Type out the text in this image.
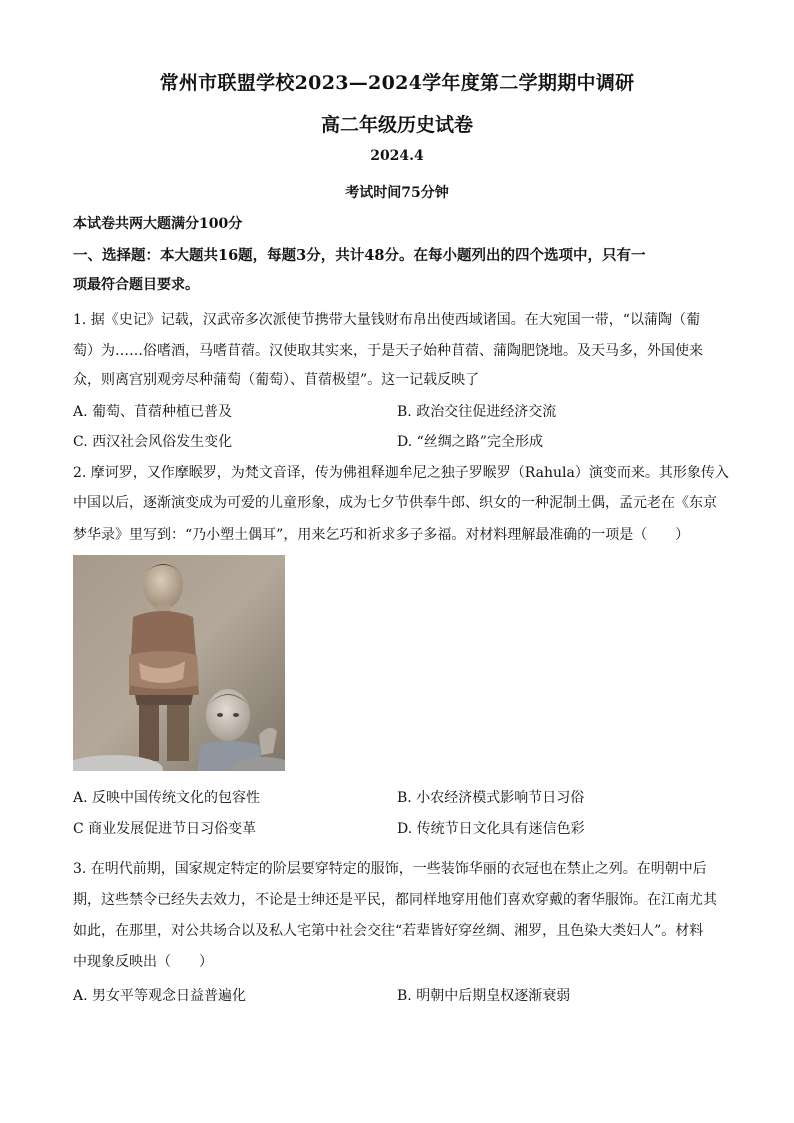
常州市联盟学校2023—2024学年度第二学期期中调研
高二年级历史试卷
2024.4
考试时间75分钟
本试卷共两大题满分100分
一、选择题：本大题共16题，每题3分，共计48分。在每小题列出的四个选项中，只有一
项最符合题目要求。
1. 据《史记》记载，汉武帝多次派使节携带大量钱财布帛出使西域诸国。在大宛国一带，“以蒲陶（葡
萄）为……俗嗜酒，马嗜苜蓿。汉使取其实来，于是天子始种苜蓿、蒲陶肥饶地。及天马多，外国使来
众，则离宫别观旁尽种蒲萄（葡萄）、苜蓿极望”。这一记载反映了
A. 葡萄、苜蓿种植已普及	B. 政治交往促进经济交流
C. 西汉社会风俗发生变化	D. “丝绸之路”完全形成
2. 摩诃罗，又作摩睺罗，为梵文音译，传为佛祖释迦牟尼之独子罗睺罗（Rahula）演变而来。其形象传入
中国以后，逐渐演变成为可爱的儿童形象，成为七夕节供奉牛郎、织女的一种泥制土偶，孟元老在《东京
梦华录》里写到：“乃小塑土偶耳”，用来乞巧和祈求多子多福。对材料理解最准确的一项是（　　）
A. 反映中国传统文化的包容性	B. 小农经济模式影响节日习俗
C 商业发展促进节日习俗变革	D. 传统节日文化具有迷信色彩
3. 在明代前期，国家规定特定的阶层要穿特定的服饰，一些装饰华丽的衣冠也在禁止之列。在明朝中后
期，这些禁令已经失去效力，不论是士绅还是平民，都同样地穿用他们喜欢穿戴的奢华服饰。在江南尤其
如此，在那里，对公共场合以及私人宅第中社会交往“若辈皆好穿丝绸、湘罗，且色染大类妇人”。材料
中现象反映出（　　）
A. 男女平等观念日益普遍化	B. 明朝中后期皇权逐渐衰弱
